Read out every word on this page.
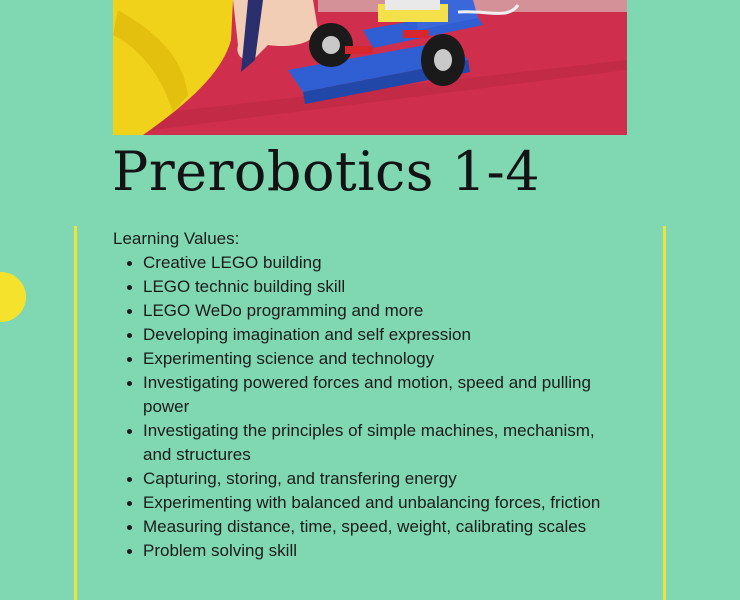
Prerobotics 1-4

Learning Values:

Creative LEGO building
LEGO technic building skill
LEGO WeDo programming and more
Developing imagination and self expression
Experimenting science and technology
Investigating powered forces and motion, speed and pulling power
Investigating the principles of simple machines, mechanism, and structures
Capturing, storing, and transfering energy
Experimenting with balanced and unbalancing forces, friction
Measuring distance, time, speed, weight, calibrating scales
Problem solving skill
